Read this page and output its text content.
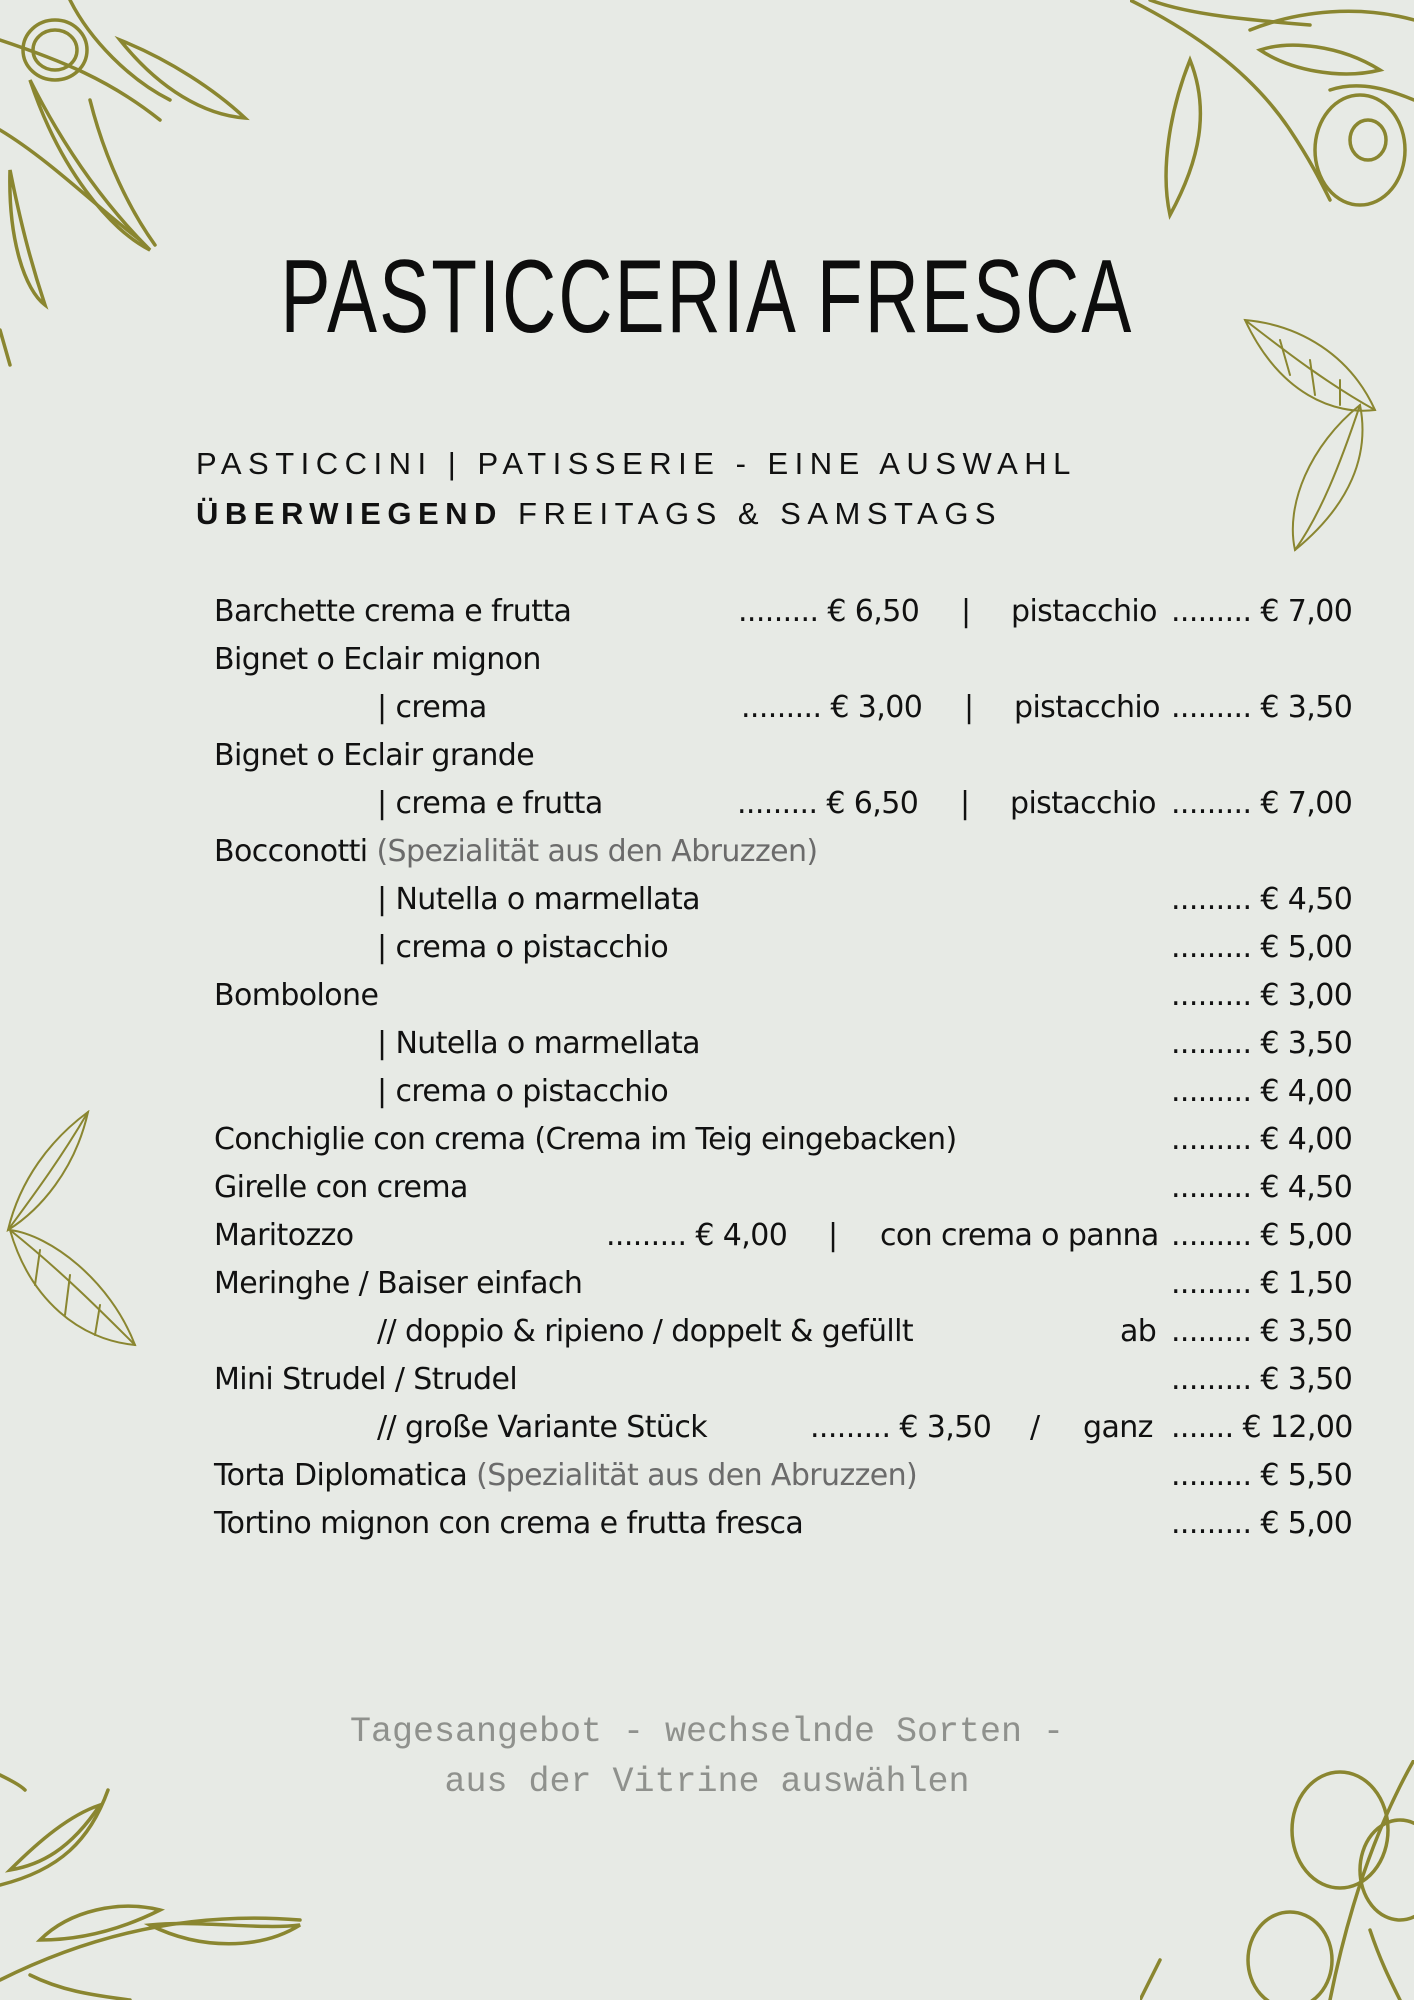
PASTICCERIA FRESCA
PASTICCINI | PATISSERIE - EINE AUSWAHL
ÜBERWIEGEND FREITAGS & SAMSTAGS
Barchette crema e frutta	......... € 6,50 | pistacchio ......... € 7,00
Bignet o Eclair mignon
| crema	......... € 3,00 | pistacchio ......... € 3,50
Bignet o Eclair grande
| crema e frutta	......... € 6,50 | pistacchio ......... € 7,00
Bocconotti (Spezialität aus den Abruzzen)
| Nutella o marmellata	......... € 4,50
| crema o pistacchio	......... € 5,00
Bombolone	......... € 3,00
| Nutella o marmellata	......... € 3,50
| crema o pistacchio	......... € 4,00
Conchiglie con crema (Crema im Teig eingebacken)	......... € 4,00
Girelle con crema	......... € 4,50
Maritozzo	......... € 4,00 | con crema o panna ......... € 5,00
Meringhe / Baiser einfach	......... € 1,50
// doppio & ripieno / doppelt & gefüllt	ab ......... € 3,50
Mini Strudel / Strudel	......... € 3,50
// große Variante Stück	......... € 3,50 / ganz ....... € 12,00
Torta Diplomatica (Spezialität aus den Abruzzen)	......... € 5,50
Tortino mignon con crema e frutta fresca	......... € 5,00
Tagesangebot - wechselnde Sorten -
aus der Vitrine auswählen
